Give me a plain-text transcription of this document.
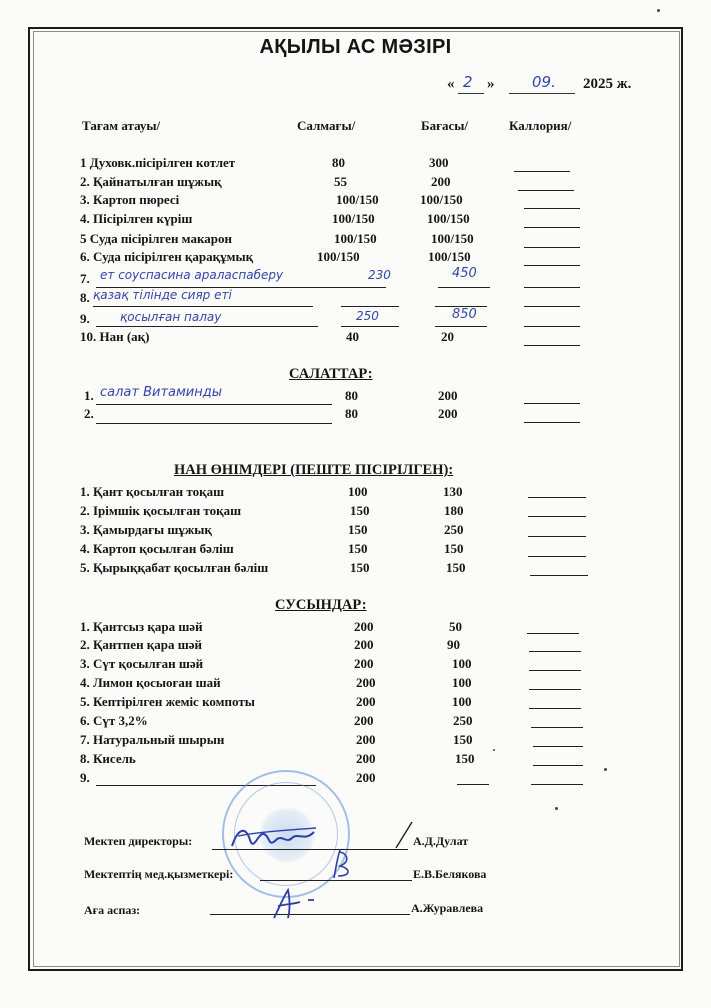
АҚЫЛЫ АС МӘЗІРІ
« 2 »	09. 2025 ж.
Тағам атауы/	Салмағы/	Бағасы/	Каллория/
1 Духовк.пісірілген котлет	80	300
2. Қайнатылған шұжық	55	200
3. Картоп пюресі	100/150	100/150
4. Пісірілген күріш	100/150	100/150
5 Суда пісірілген макарон	100/150	100/150
6. Суда пісірілген қарақұмық	100/150	100/150
7. ет соуспасина араласпаберу	230	450
8. қазақ тілінде сияр еті
9.	қосылған палау	250	850
10. Нан (ақ)	40	20
САЛАТТАР:
1. салат Витаминды	80	200
2.	80	200
НАН ӨНІМДЕРІ (ПЕШТЕ ПІСІРІЛГЕН):
1. Қант қосылған тоқаш	100	130
2. Ірімшік қосылған тоқаш	150	180
3. Қамырдағы шұжық	150	250
4. Картоп қосылған бәліш	150	150
5. Қырыққабат қосылған бәліш	150	150
СУСЫНДАР:
1. Қантсыз қара шәй	200	50
2. Қантпен қара шәй	200	90
3. Сүт қосылған шәй	200	100
4. Лимон қосыоған шай	200	100
5. Кептірілген жеміс компоты	200	100
6. Сүт 3,2%	200	250
7. Натуральный шырын	200	150
8. Кисель	200	150
9.	200
Мектеп директоры:	А.Д.Дулат
Мектептің мед.қызметкері:	Е.В.Белякова
Аға аспаз:	А.Журавлева
